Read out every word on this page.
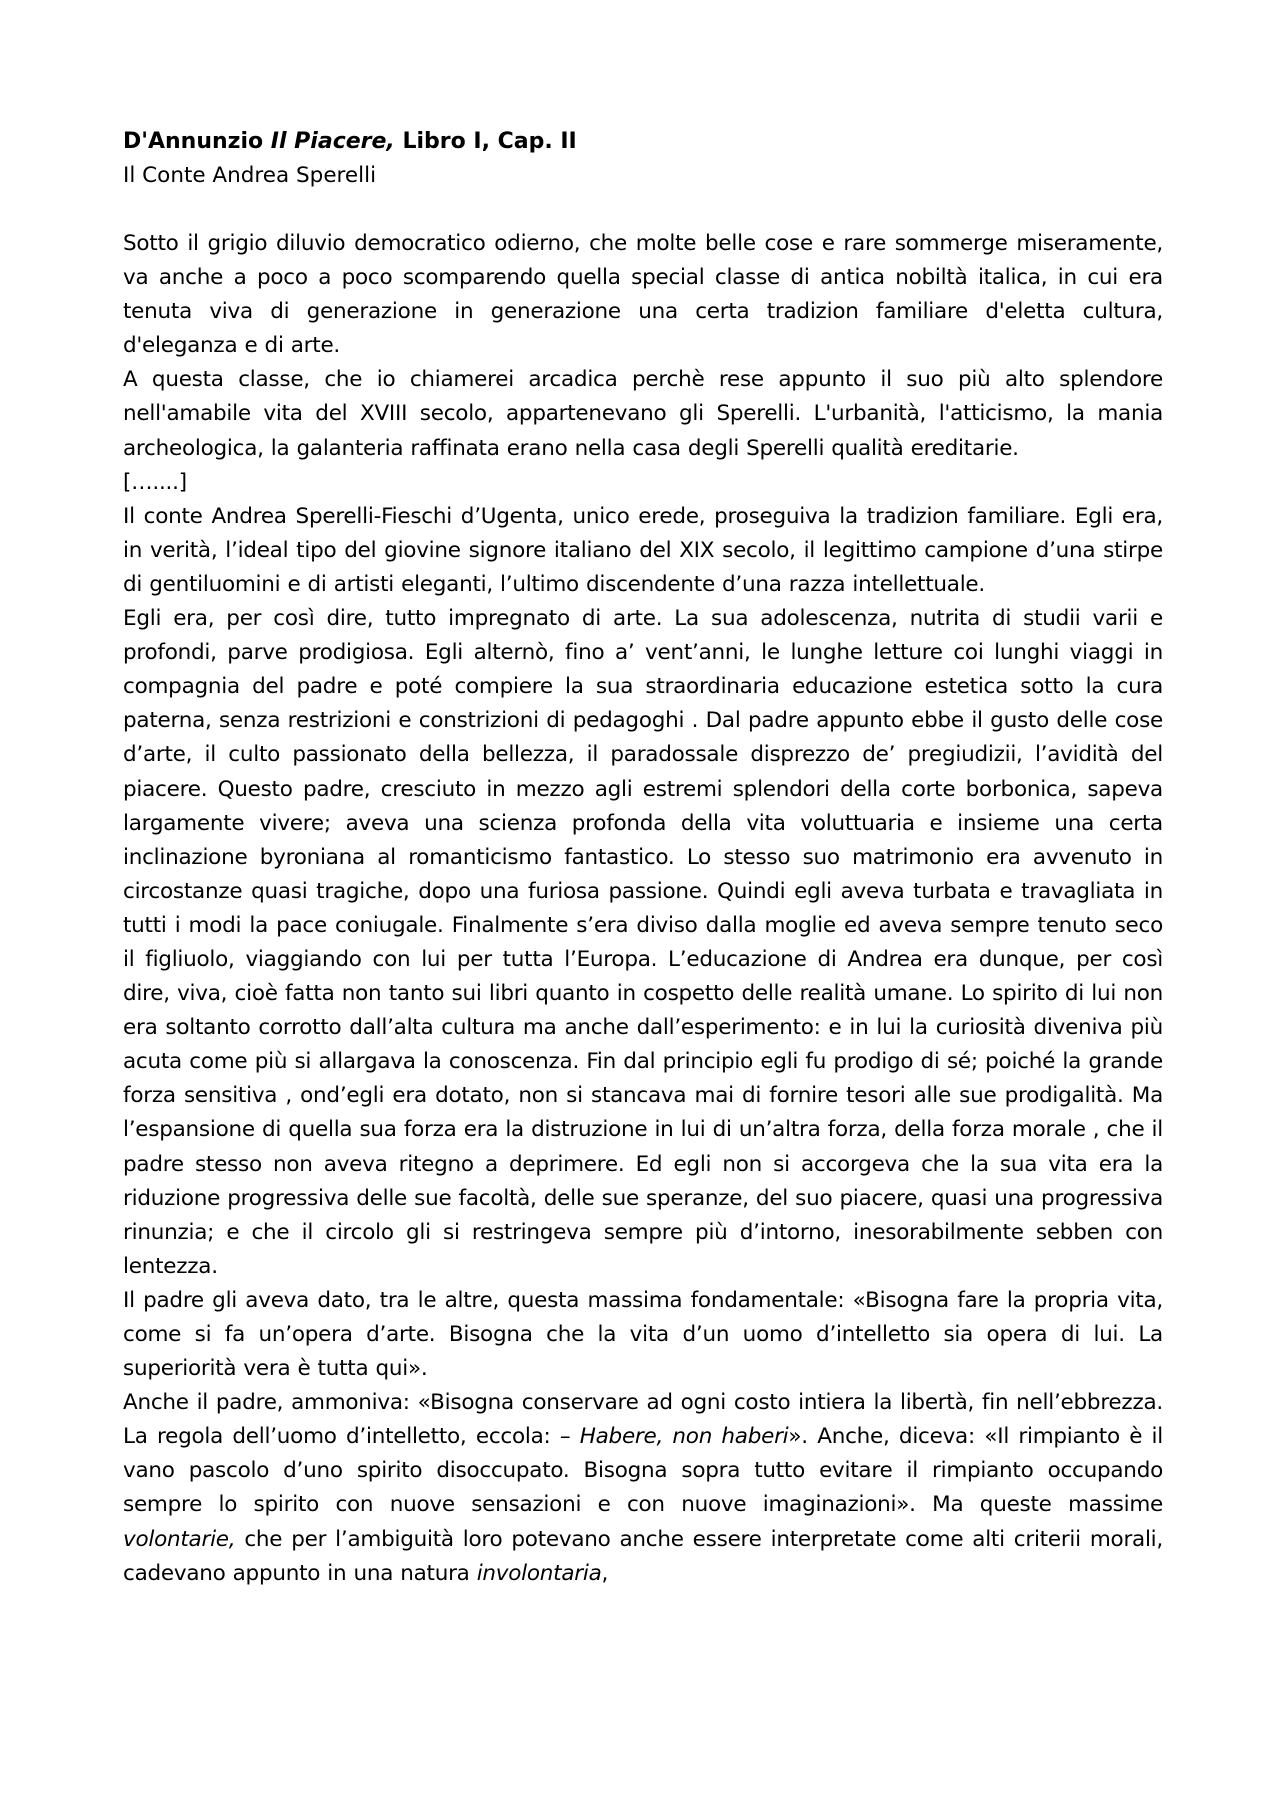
D'Annunzio Il Piacere, Libro I, Cap. II

Il Conte Andrea Sperelli

Sotto il grigio diluvio democratico odierno, che molte belle cose e rare sommerge miseramente, va anche a poco a poco scomparendo quella special classe di antica nobiltà italica, in cui era tenuta viva di generazione in generazione una certa tradizion familiare d'eletta cultura, d'eleganza e di arte.

A questa classe, che io chiamerei arcadica perchè rese appunto il suo più alto splendore nell'amabile vita del XVIII secolo, appartenevano gli Sperelli. L'urbanità, l'atticismo, la mania archeologica, la galanteria raffinata erano nella casa degli Sperelli qualità ereditarie.

[…....]

Il conte Andrea Sperelli-Fieschi d’Ugenta, unico erede, proseguiva la tradizion familiare. Egli era, in verità, l’ideal tipo del giovine signore italiano del XIX secolo, il legittimo campione d’una stirpe di gentiluomini e di artisti eleganti, l’ultimo discendente d’una razza intellettuale.

Egli era, per così dire, tutto impregnato di arte. La sua adolescenza, nutrita di studii varii e profondi, parve prodigiosa. Egli alternò, fino a’ vent’anni, le lunghe letture coi lunghi viaggi in compagnia del padre e poté compiere la sua straordinaria educazione estetica sotto la cura paterna, senza restrizioni e constrizioni di pedagoghi . Dal padre appunto ebbe il gusto delle cose d’arte, il culto passionato della bellezza, il paradossale disprezzo de’ pregiudizii, l’avidità del piacere. Questo padre, cresciuto in mezzo agli estremi splendori della corte borbonica, sapeva largamente vivere; aveva una scienza profonda della vita voluttuaria e insieme una certa inclinazione byroniana al romanticismo fantastico. Lo stesso suo matrimonio era avvenuto in circostanze quasi tragiche, dopo una furiosa passione. Quindi egli aveva turbata e travagliata in tutti i modi la pace coniugale. Finalmente s’era diviso dalla moglie ed aveva sempre tenuto seco il figliuolo, viaggiando con lui per tutta l’Europa. L’educazione di Andrea era dunque, per così dire, viva, cioè fatta non tanto sui libri quanto in cospetto delle realità umane. Lo spirito di lui non era soltanto corrotto dall’alta cultura ma anche dall’esperimento: e in lui la curiosità diveniva più acuta come più si allargava la conoscenza. Fin dal principio egli fu prodigo di sé; poiché la grande forza sensitiva , ond’egli era dotato, non si stancava mai di fornire tesori alle sue prodigalità. Ma l’espansione di quella sua forza era la distruzione in lui di un’altra forza, della forza morale , che il padre stesso non aveva ritegno a deprimere. Ed egli non si accorgeva che la sua vita era la riduzione progressiva delle sue facoltà, delle sue speranze, del suo piacere, quasi una progressiva rinunzia; e che il circolo gli si restringeva sempre più d’intorno, inesorabilmente sebben con lentezza.

Il padre gli aveva dato, tra le altre, questa massima fondamentale: «Bisogna fare la propria vita, come si fa un’opera d’arte. Bisogna che la vita d’un uomo d’intelletto sia opera di lui. La superiorità vera è tutta qui».

Anche il padre, ammoniva: «Bisogna conservare ad ogni costo intiera la libertà, fin nell’ebbrezza. La regola dell’uomo d’intelletto, eccola: – Habere, non haberi». Anche, diceva: «Il rimpianto è il vano pascolo d’uno spirito disoccupato. Bisogna sopra tutto evitare il rimpianto occupando sempre lo spirito con nuove sensazioni e con nuove imaginazioni». Ma queste massime volontarie, che per l’ambiguità loro potevano anche essere interpretate come alti criterii morali, cadevano appunto in una natura involontaria,
